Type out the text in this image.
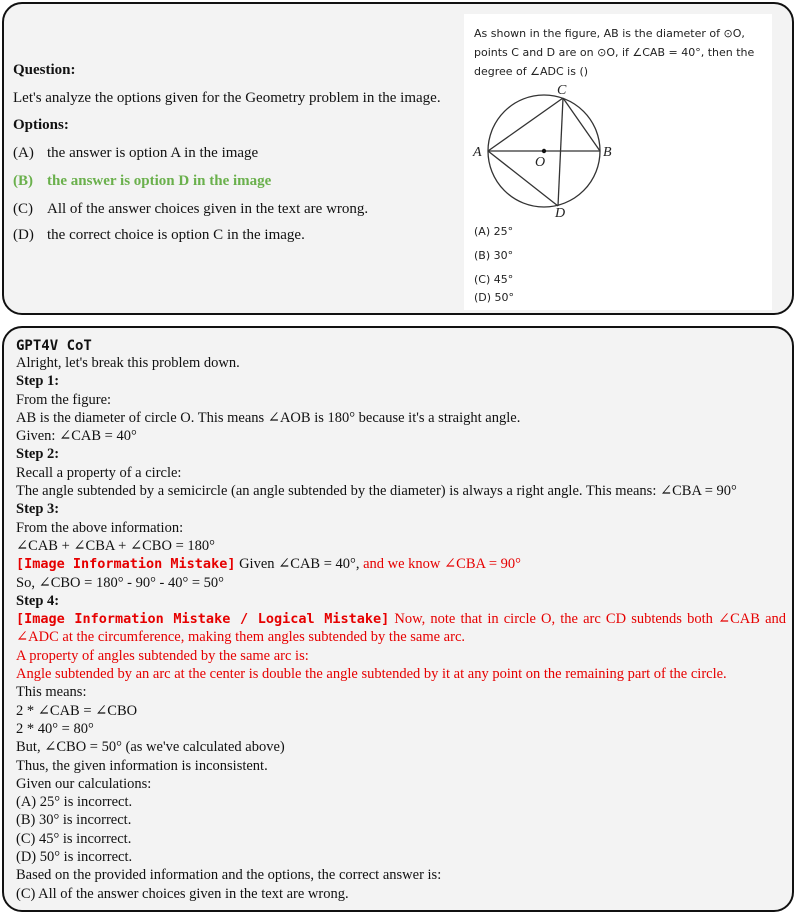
Question:
Let's analyze the options given for the Geometry problem in the image.
Options:
(A) the answer is option A in the image
(B) the answer is option D in the image
(C) All of the answer choices given in the text are wrong.
(D) the correct choice is option C in the image.
As shown in the figure, AB is the diameter of ⊙O, points C and D are on ⊙O, if ∠CAB = 40°, then the degree of ∠ADC is ()
A	B
C
D
O
(A) 25°
(B) 30°
(C) 45°
(D) 50°
GPT4V CoT
Alright, let's break this problem down.
Step 1:
From the figure:
AB is the diameter of circle O. This means ∠AOB is 180° because it's a straight angle.
Given: ∠CAB = 40°
Step 2:
Recall a property of a circle:
The angle subtended by a semicircle (an angle subtended by the diameter) is always a right angle. This means: ∠CBA = 90°
Step 3:
From the above information:
∠CAB + ∠CBA + ∠CBO = 180°
[Image Information Mistake] Given ∠CAB = 40°, and we know ∠CBA = 90°
So, ∠CBO = 180° - 90° - 40° = 50°
Step 4:
[Image Information Mistake / Logical Mistake] Now, note that in circle O, the arc CD subtends both ∠CAB and ∠ADC at the circumference, making them angles subtended by the same arc.
A property of angles subtended by the same arc is:
Angle subtended by an arc at the center is double the angle subtended by it at any point on the remaining part of the circle.
This means:
2 * ∠CAB = ∠CBO
2 * 40° = 80°
But, ∠CBO = 50° (as we've calculated above)
Thus, the given information is inconsistent.
Given our calculations:
(A) 25° is incorrect.
(B) 30° is incorrect.
(C) 45° is incorrect.
(D) 50° is incorrect.
Based on the provided information and the options, the correct answer is:
(C) All of the answer choices given in the text are wrong.
